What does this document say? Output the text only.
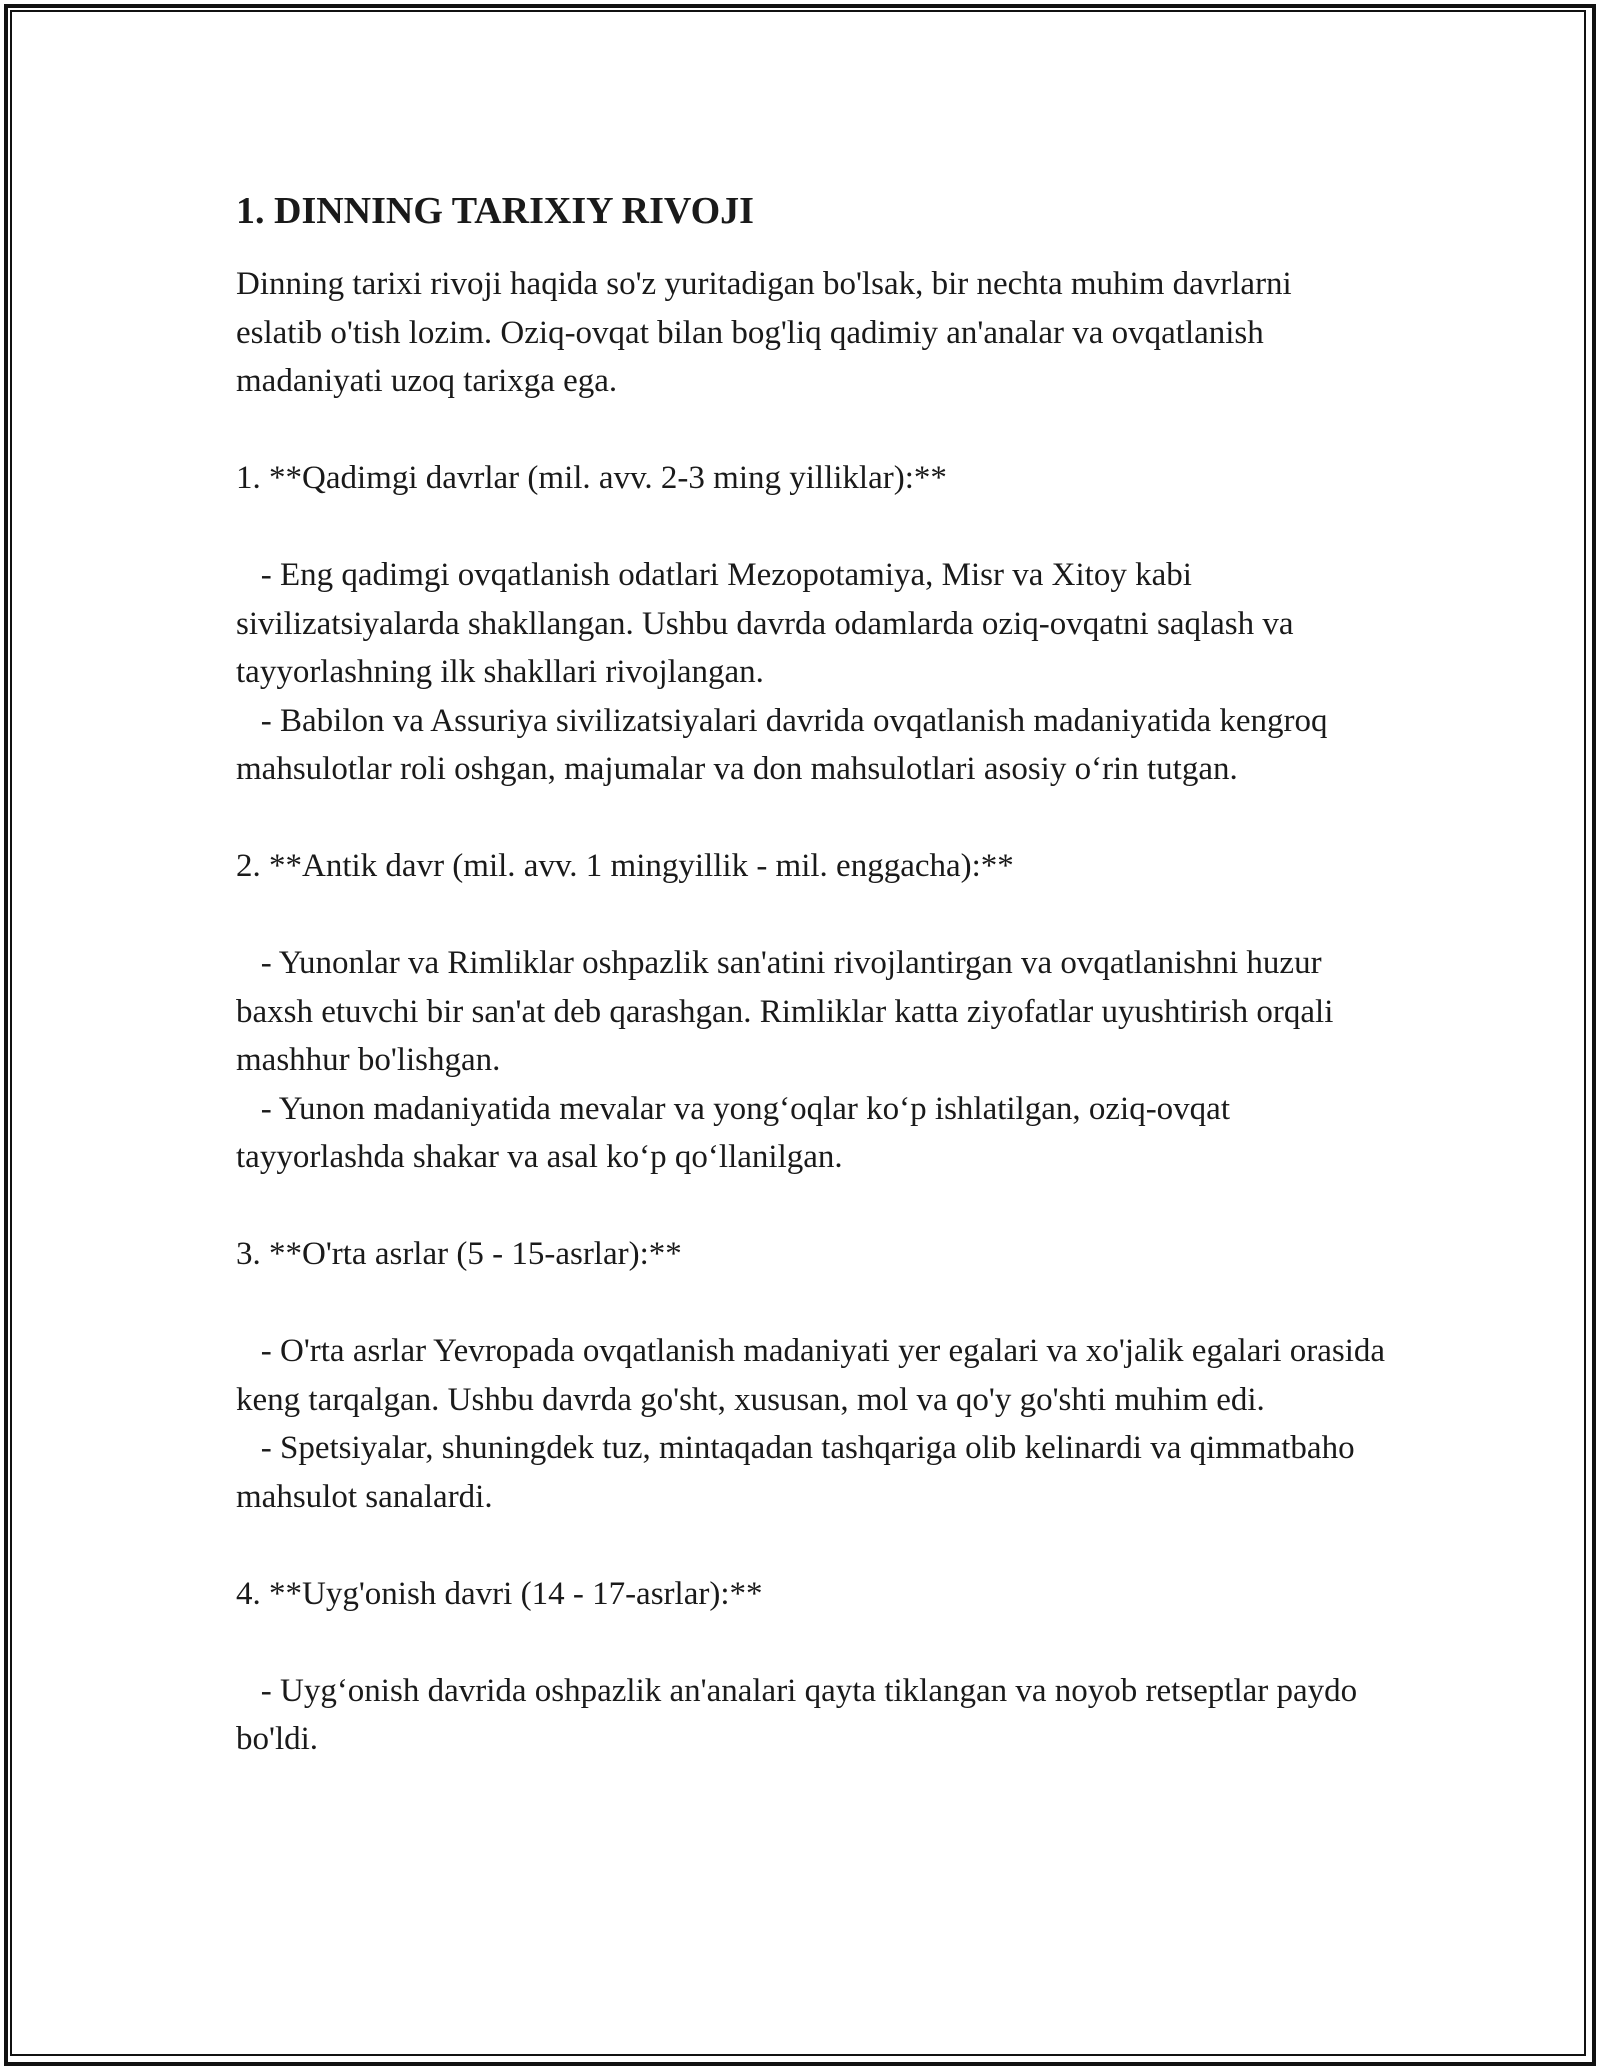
1. DINNING TARIXIY RIVOJI

Dinning tarixi rivoji haqida so'z yuritadigan bo'lsak, bir nechta muhim davrlarni eslatib o'tish lozim. Oziq-ovqat bilan bog'liq qadimiy an'analar va ovqatlanish madaniyati uzoq tarixga ega.

1. **Qadimgi davrlar (mil. avv. 2-3 ming yilliklar):**

- Eng qadimgi ovqatlanish odatlari Mezopotamiya, Misr va Xitoy kabi sivilizatsiyalarda shakllangan. Ushbu davrda odamlarda oziq-ovqatni saqlash va tayyorlashning ilk shakllari rivojlangan.

- Babilon va Assuriya sivilizatsiyalari davrida ovqatlanish madaniyatida kengroq mahsulotlar roli oshgan, majumalar va don mahsulotlari asosiy o‘rin tutgan.

2. **Antik davr (mil. avv. 1 mingyillik - mil. enggacha):**

- Yunonlar va Rimliklar oshpazlik san'atini rivojlantirgan va ovqatlanishni huzur baxsh etuvchi bir san'at deb qarashgan. Rimliklar katta ziyofatlar uyushtirish orqali mashhur bo'lishgan.

- Yunon madaniyatida mevalar va yong‘oqlar ko‘p ishlatilgan, oziq-ovqat tayyorlashda shakar va asal ko‘p qo‘llanilgan.

3. **O'rta asrlar (5 - 15-asrlar):**

- O'rta asrlar Yevropada ovqatlanish madaniyati yer egalari va xo'jalik egalari orasida keng tarqalgan. Ushbu davrda go'sht, xususan, mol va qo'y go'shti muhim edi.

- Spetsiyalar, shuningdek tuz, mintaqadan tashqariga olib kelinardi va qimmatbaho mahsulot sanalardi.

4. **Uyg'onish davri (14 - 17-asrlar):**

- Uyg‘onish davrida oshpazlik an'analari qayta tiklangan va noyob retseptlar paydo bo'ldi.
